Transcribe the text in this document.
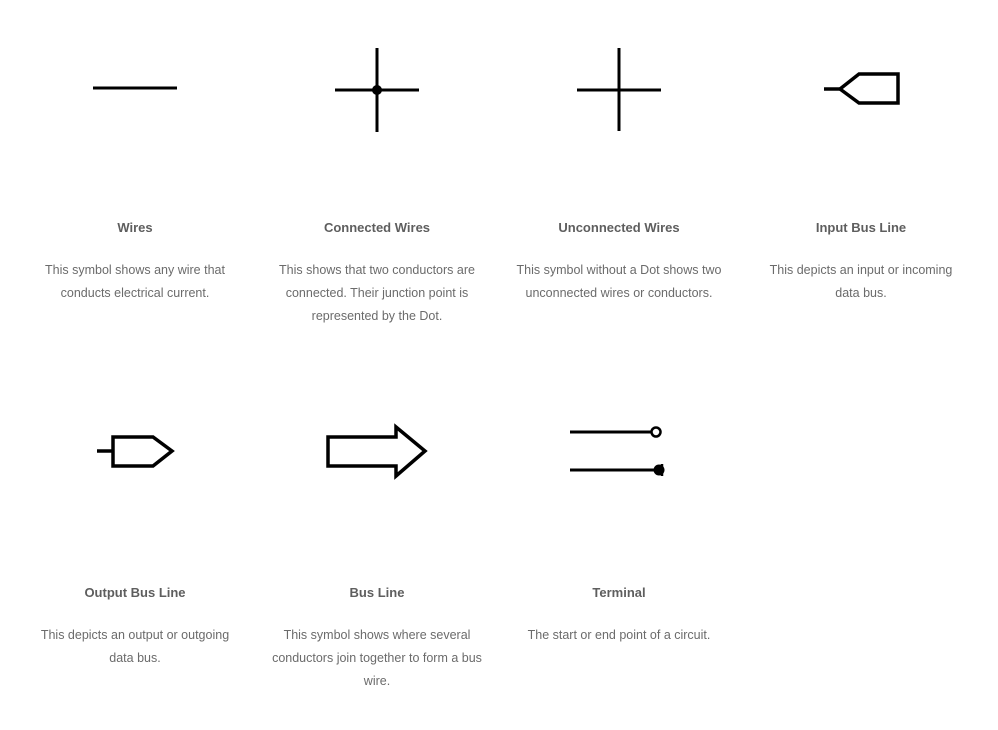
Wires
This symbol shows any wire that conducts electrical current.
Connected Wires
This shows that two conductors are connected. Their junction point is represented by the Dot.
Unconnected Wires
This symbol without a Dot shows two unconnected wires or conductors.
Input Bus Line
This depicts an input or incoming data bus.
Output Bus Line
This depicts an output or outgoing data bus.
Bus Line
This symbol shows where several conductors join together to form a bus wire.
Terminal
The start or end point of a circuit.
